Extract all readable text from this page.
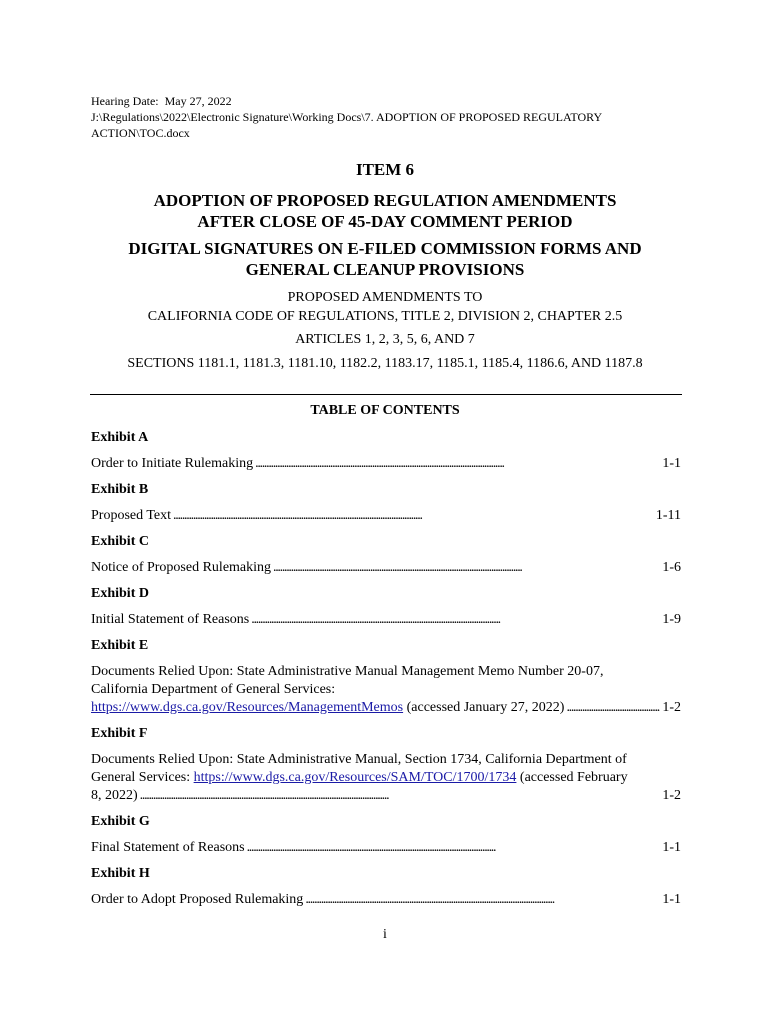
Hearing Date:  May 27, 2022
J:\Regulations\2022\Electronic Signature\Working Docs\7. ADOPTION OF PROPOSED REGULATORY
ACTION\TOC.docx
ITEM 6
ADOPTION OF PROPOSED REGULATION AMENDMENTS
AFTER CLOSE OF 45-DAY COMMENT PERIOD
DIGITAL SIGNATURES ON E-FILED COMMISSION FORMS AND
GENERAL CLEANUP PROVISIONS
PROPOSED AMENDMENTS TO
CALIFORNIA CODE OF REGULATIONS, TITLE 2, DIVISION 2, CHAPTER 2.5
ARTICLES 1, 2, 3, 5, 6, AND 7
SECTIONS 1181.1, 1181.3, 1181.10, 1182.2, 1183.17, 1185.1, 1185.4, 1186.6, AND 1187.8
TABLE OF CONTENTS
Exhibit A
Order to Initiate Rulemaking . . .	1-1
Exhibit B
Proposed Text . . .	1-11
Exhibit C
Notice of Proposed Rulemaking . . .	1-6
Exhibit D
Initial Statement of Reasons . . .	1-9
Exhibit E
Documents Relied Upon: State Administrative Manual Management Memo Number 20-07,
California Department of General Services:
https://www.dgs.ca.gov/Resources/ManagementMemos (accessed January 27, 2022) . . .	1-2
Exhibit F
Documents Relied Upon: State Administrative Manual, Section 1734, California Department of
General Services: https://www.dgs.ca.gov/Resources/SAM/TOC/1700/1734 (accessed February
8, 2022) . . .	1-2
Exhibit G
Final Statement of Reasons . . .	1-1
Exhibit H
Order to Adopt Proposed Rulemaking . . .	1-1
i
